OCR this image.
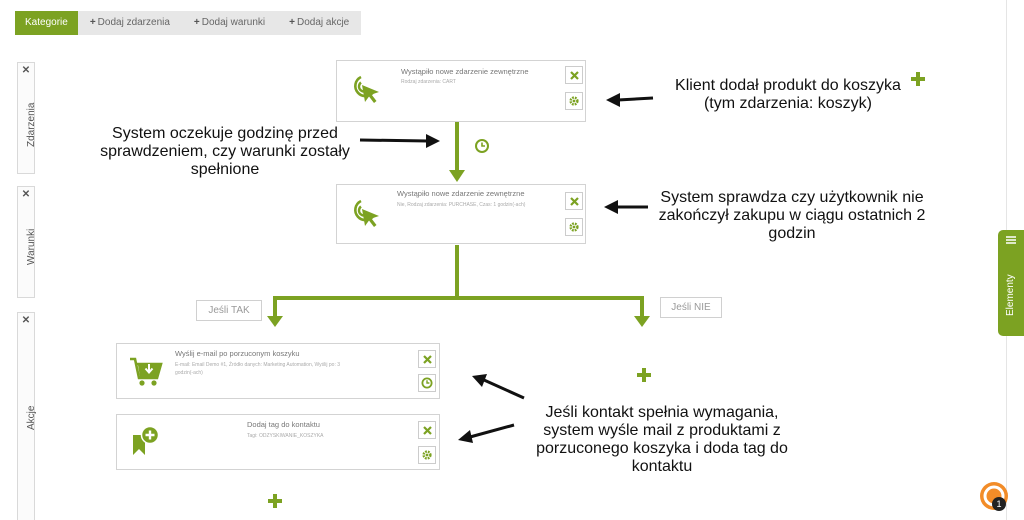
Kategorie	+ Dodaj zdarzenia	+ Dodaj warunki	+ Dodaj akcje
✕
Zdarzenia
✕
Warunki
✕
Akcje
Wystąpiło nowe zdarzenie zewnętrzne
Rodzaj zdarzenia: CART
Wystąpiło nowe zdarzenie zewnętrzne
Nie, Rodzaj zdarzenia: PURCHASE, Czas: 1 godzin(-ach)
Jeśli TAK	Jeśli NIE
Wyślij e-mail po porzuconym koszyku
E-mail: Email Demo #1, Źródło danych: Marketing Automation, Wyślij po: 3
godzin(-ach)
Dodaj tag do kontaktu
Tagi: ODZYSKIWANIE_KOSZYKA
Klient dodał produkt do koszyka
(tym zdarzenia: koszyk)
System oczekuje godzinę przed
sprawdzeniem, czy warunki zostały
spełnione
System sprawdza czy użytkownik nie
zakończył zakupu w ciągu ostatnich 2
godzin
Jeśli kontakt spełnia wymagania,
system wyśle mail z produktami z
porzuconego koszyka i doda tag do
kontaktu
Elementy
1
